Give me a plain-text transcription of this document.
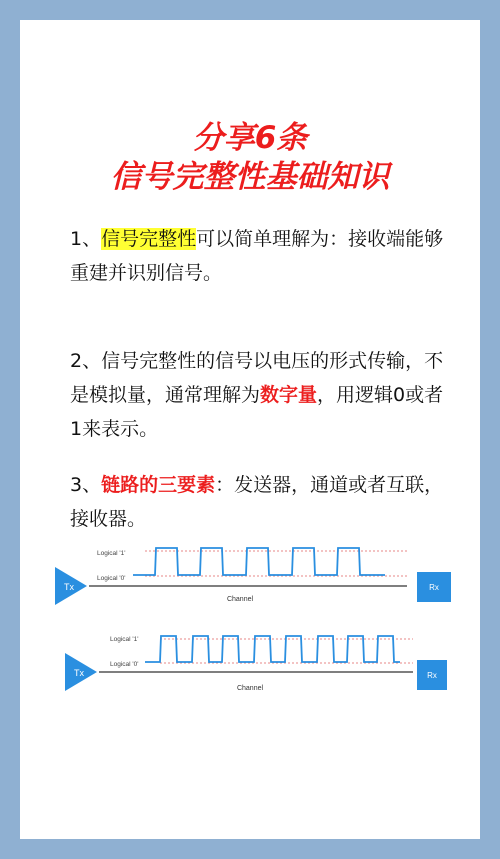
分享6条
信号完整性基础知识
1、信号完整性可以简单理解为：接收端能够重建并识别信号。
2、信号完整性的信号以电压的形式传输，不是模拟量，通常理解为数字量，用逻辑0或者1来表示。
3、链路的三要素：发送器，通道或者互联，接收器。
Tx
Logical '1'
Logical '0'
Channel
Rx
Tx
Logical '1'
Logical '0'
Channel
Rx
